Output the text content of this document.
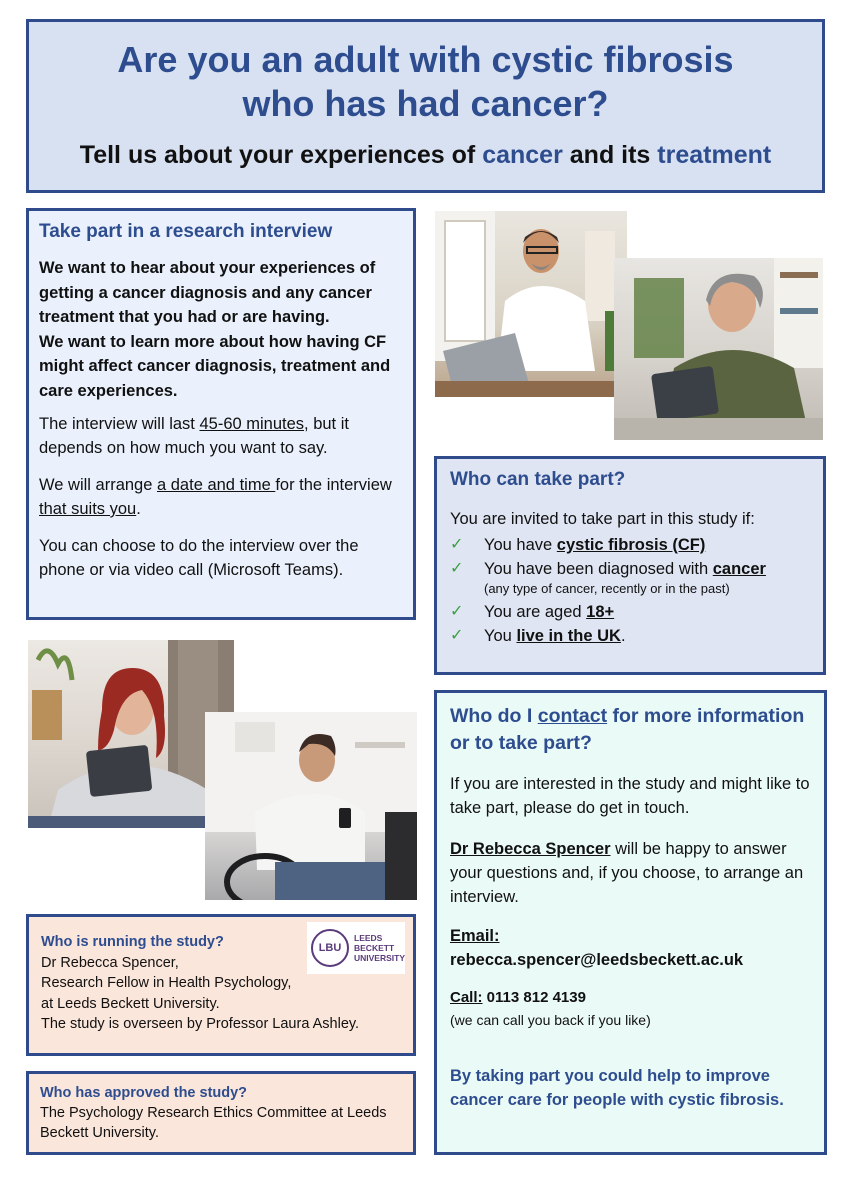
Are you an adult with cystic fibrosis
who has had cancer?
Tell us about your experiences of cancer and its treatment
Take part in a research interview
We want to hear about your experiences of getting a cancer diagnosis and any cancer treatment that you had or are having.
We want to learn more about how having CF might affect cancer diagnosis, treatment and care experiences.

The interview will last 45-60 minutes, but it depends on how much you want to say.

We will arrange a date and time for the interview that suits you.

You can choose to do the interview over the phone or via video call (Microsoft Teams).

Who can take part?
You are invited to take part in this study if:
✓	You have cystic fibrosis (CF)
✓	You have been diagnosed with cancer
(any type of cancer, recently or in the past)
✓	You are aged 18+
✓	You live in the UK.
Who do I contact for more information or to take part?

If you are interested in the study and might like to take part, please do get in touch.

Dr Rebecca Spencer will be happy to answer your questions and, if you choose, to arrange an interview.

Email:
rebecca.spencer@leedsbeckett.ac.uk
Call: 0113 812 4139
(we can call you back if you like)
By taking part you could help to improve cancer care for people with cystic fibrosis.
Who is running the study?
Dr Rebecca Spencer,
Research Fellow in Health Psychology,
at Leeds Beckett University.
The study is overseen by Professor Laura Ashley.
LBU
LEEDS
BECKETT
UNIVERSITY
Who has approved the study?
The Psychology Research Ethics Committee at Leeds Beckett University.
